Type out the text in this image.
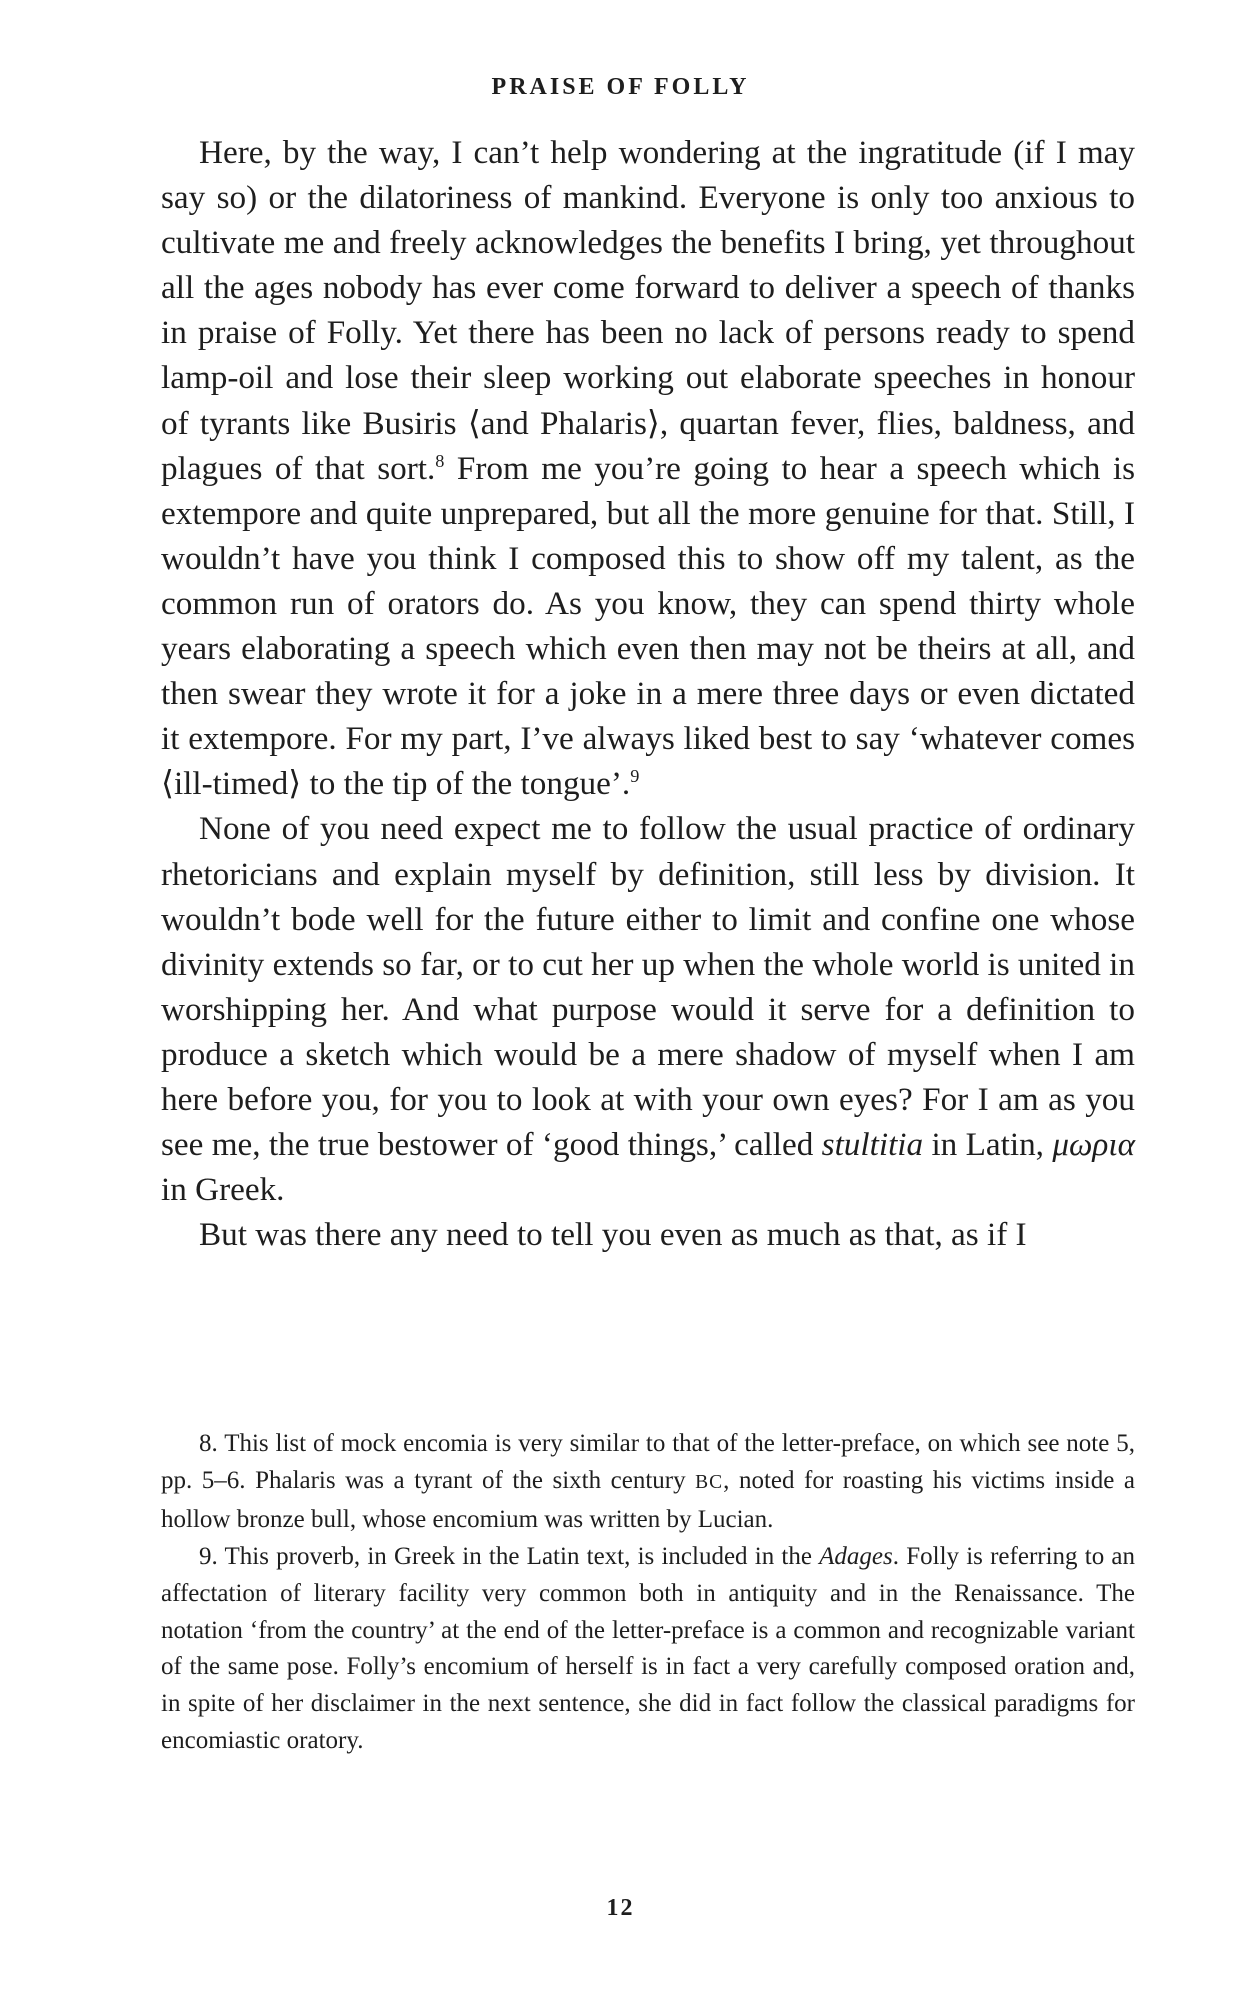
PRAISE OF FOLLY

Here, by the way, I can’t help wondering at the ingratitude (if I may say so) or the dilatoriness of mankind. Everyone is only too anxious to cultivate me and freely acknowledges the benefits I bring, yet throughout all the ages nobody has ever come forward to deliver a speech of thanks in praise of Folly. Yet there has been no lack of persons ready to spend lamp-oil and lose their sleep working out elaborate speeches in honour of tyrants like Busiris ⟨and Phalaris⟩, quartan fever, flies, baldness, and plagues of that sort.$^8$ From me you’re going to hear a speech which is extempore and quite unprepared, but all the more genuine for that. Still, I wouldn’t have you think I composed this to show off my talent, as the common run of orators do. As you know, they can spend thirty whole years elaborating a speech which even then may not be theirs at all, and then swear they wrote it for a joke in a mere three days or even dictated it extempore. For my part, I’ve always liked best to say ‘whatever comes ⟨ill-timed⟩ to the tip of the tongue’.$^9$

None of you need expect me to follow the usual practice of ordinary rhetoricians and explain myself by definition, still less by division. It wouldn’t bode well for the future either to limit and confine one whose divinity extends so far, or to cut her up when the whole world is united in worshipping her. And what purpose would it serve for a definition to produce a sketch which would be a mere shadow of myself when I am here before you, for you to look at with your own eyes? For I am as you see me, the true bestower of ‘good things,’ called stultitia in Latin, μωρια in Greek.

But was there any need to tell you even as much as that, as if I

8. This list of mock encomia is very similar to that of the letter-preface, on which see note 5, pp. 5–6. Phalaris was a tyrant of the sixth century BC, noted for roasting his victims inside a hollow bronze bull, whose encomium was written by Lucian.

9. This proverb, in Greek in the Latin text, is included in the Adages. Folly is referring to an affectation of literary facility very common both in antiquity and in the Renaissance. The notation ‘from the country’ at the end of the letter-preface is a common and recognizable variant of the same pose. Folly’s encomium of herself is in fact a very carefully composed oration and, in spite of her disclaimer in the next sentence, she did in fact follow the classical paradigms for encomiastic oratory.

12
